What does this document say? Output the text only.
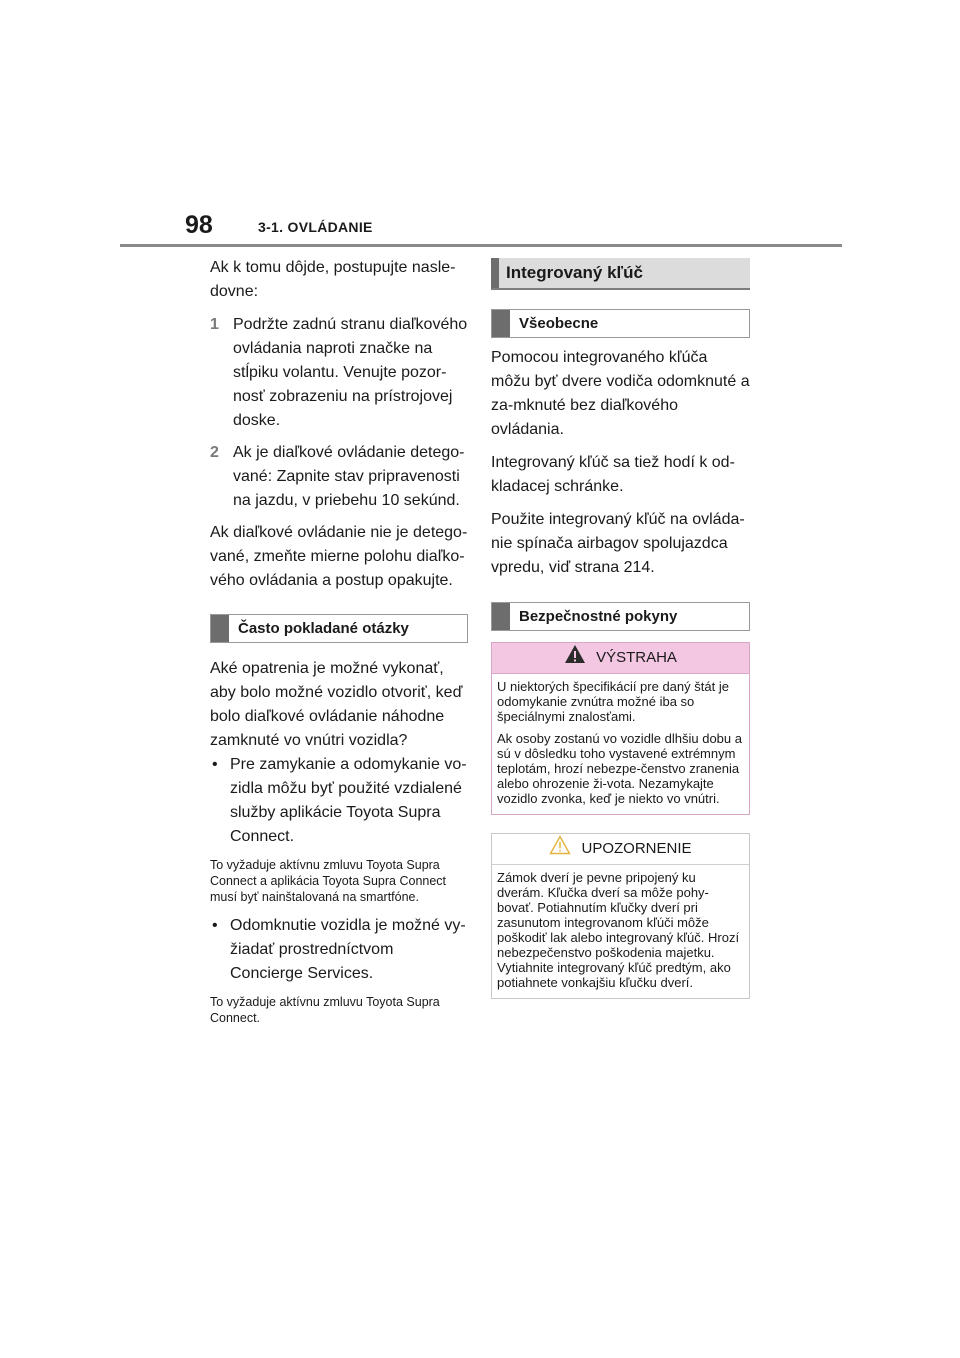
98	3-1. OVLÁDANIE

Ak k tomu dôjde, postupujte nasle-dovne:

1 Podržte zadnú stranu diaľkového ovládania naproti značke na stĺpiku volantu. Venujte pozor-nosť zobrazeniu na prístrojovej doske.
2 Ak je diaľkové ovládanie detego-vané: Zapnite stav pripravenosti na jazdu, v priebehu 10 sekúnd.

Ak diaľkové ovládanie nie je detego-vané, zmeňte mierne polohu diaľko-vého ovládania a postup opakujte.

Často pokladané otázky

Aké opatrenia je možné vykonať, aby bolo možné vozidlo otvoriť, keď bolo diaľkové ovládanie náhodne zamknuté vo vnútri vozidla?

• Pre zamykanie a odomykanie vo-zidla môžu byť použité vzdialené služby aplikácie Toyota Supra Connect.

To vyžaduje aktívnu zmluvu Toyota Supra Connect a aplikácia Toyota Supra Connect musí byť nainštalovaná na smartfóne.

• Odomknutie vozidla je možné vy-žiadať prostredníctvom Concierge Services.

To vyžaduje aktívnu zmluvu Toyota Supra Connect.

Integrovaný kľúč
Všeobecne

Pomocou integrovaného kľúča môžu byť dvere vodiča odomknuté a za-mknuté bez diaľkového ovládania.

Integrovaný kľúč sa tiež hodí k od-kladacej schránke.

Použite integrovaný kľúč na ovláda-nie spínača airbagov spolujazdca vpredu, viď strana 214.

Bezpečnostné pokyny
VÝSTRAHA

U niektorých špecifikácií pre daný štát je odomykanie zvnútra možné iba so špeciálnymi znalosťami.

Ak osoby zostanú vo vozidle dlhšiu dobu a sú v dôsledku toho vystavené extrémnym teplotám, hrozí nebezpe-čenstvo zranenia alebo ohrozenie ži-vota. Nezamykajte vozidlo zvonka, keď je niekto vo vnútri.

UPOZORNENIE

Zámok dverí je pevne pripojený ku dverám. Kľučka dverí sa môže pohy-bovať. Potiahnutím kľučky dverí pri zasunutom integrovanom kľúči môže poškodiť lak alebo integrovaný kľúč. Hrozí nebezpečenstvo poškodenia majetku. Vytiahnite integrovaný kľúč predtým, ako potiahnete vonkajšiu kľučku dverí.
